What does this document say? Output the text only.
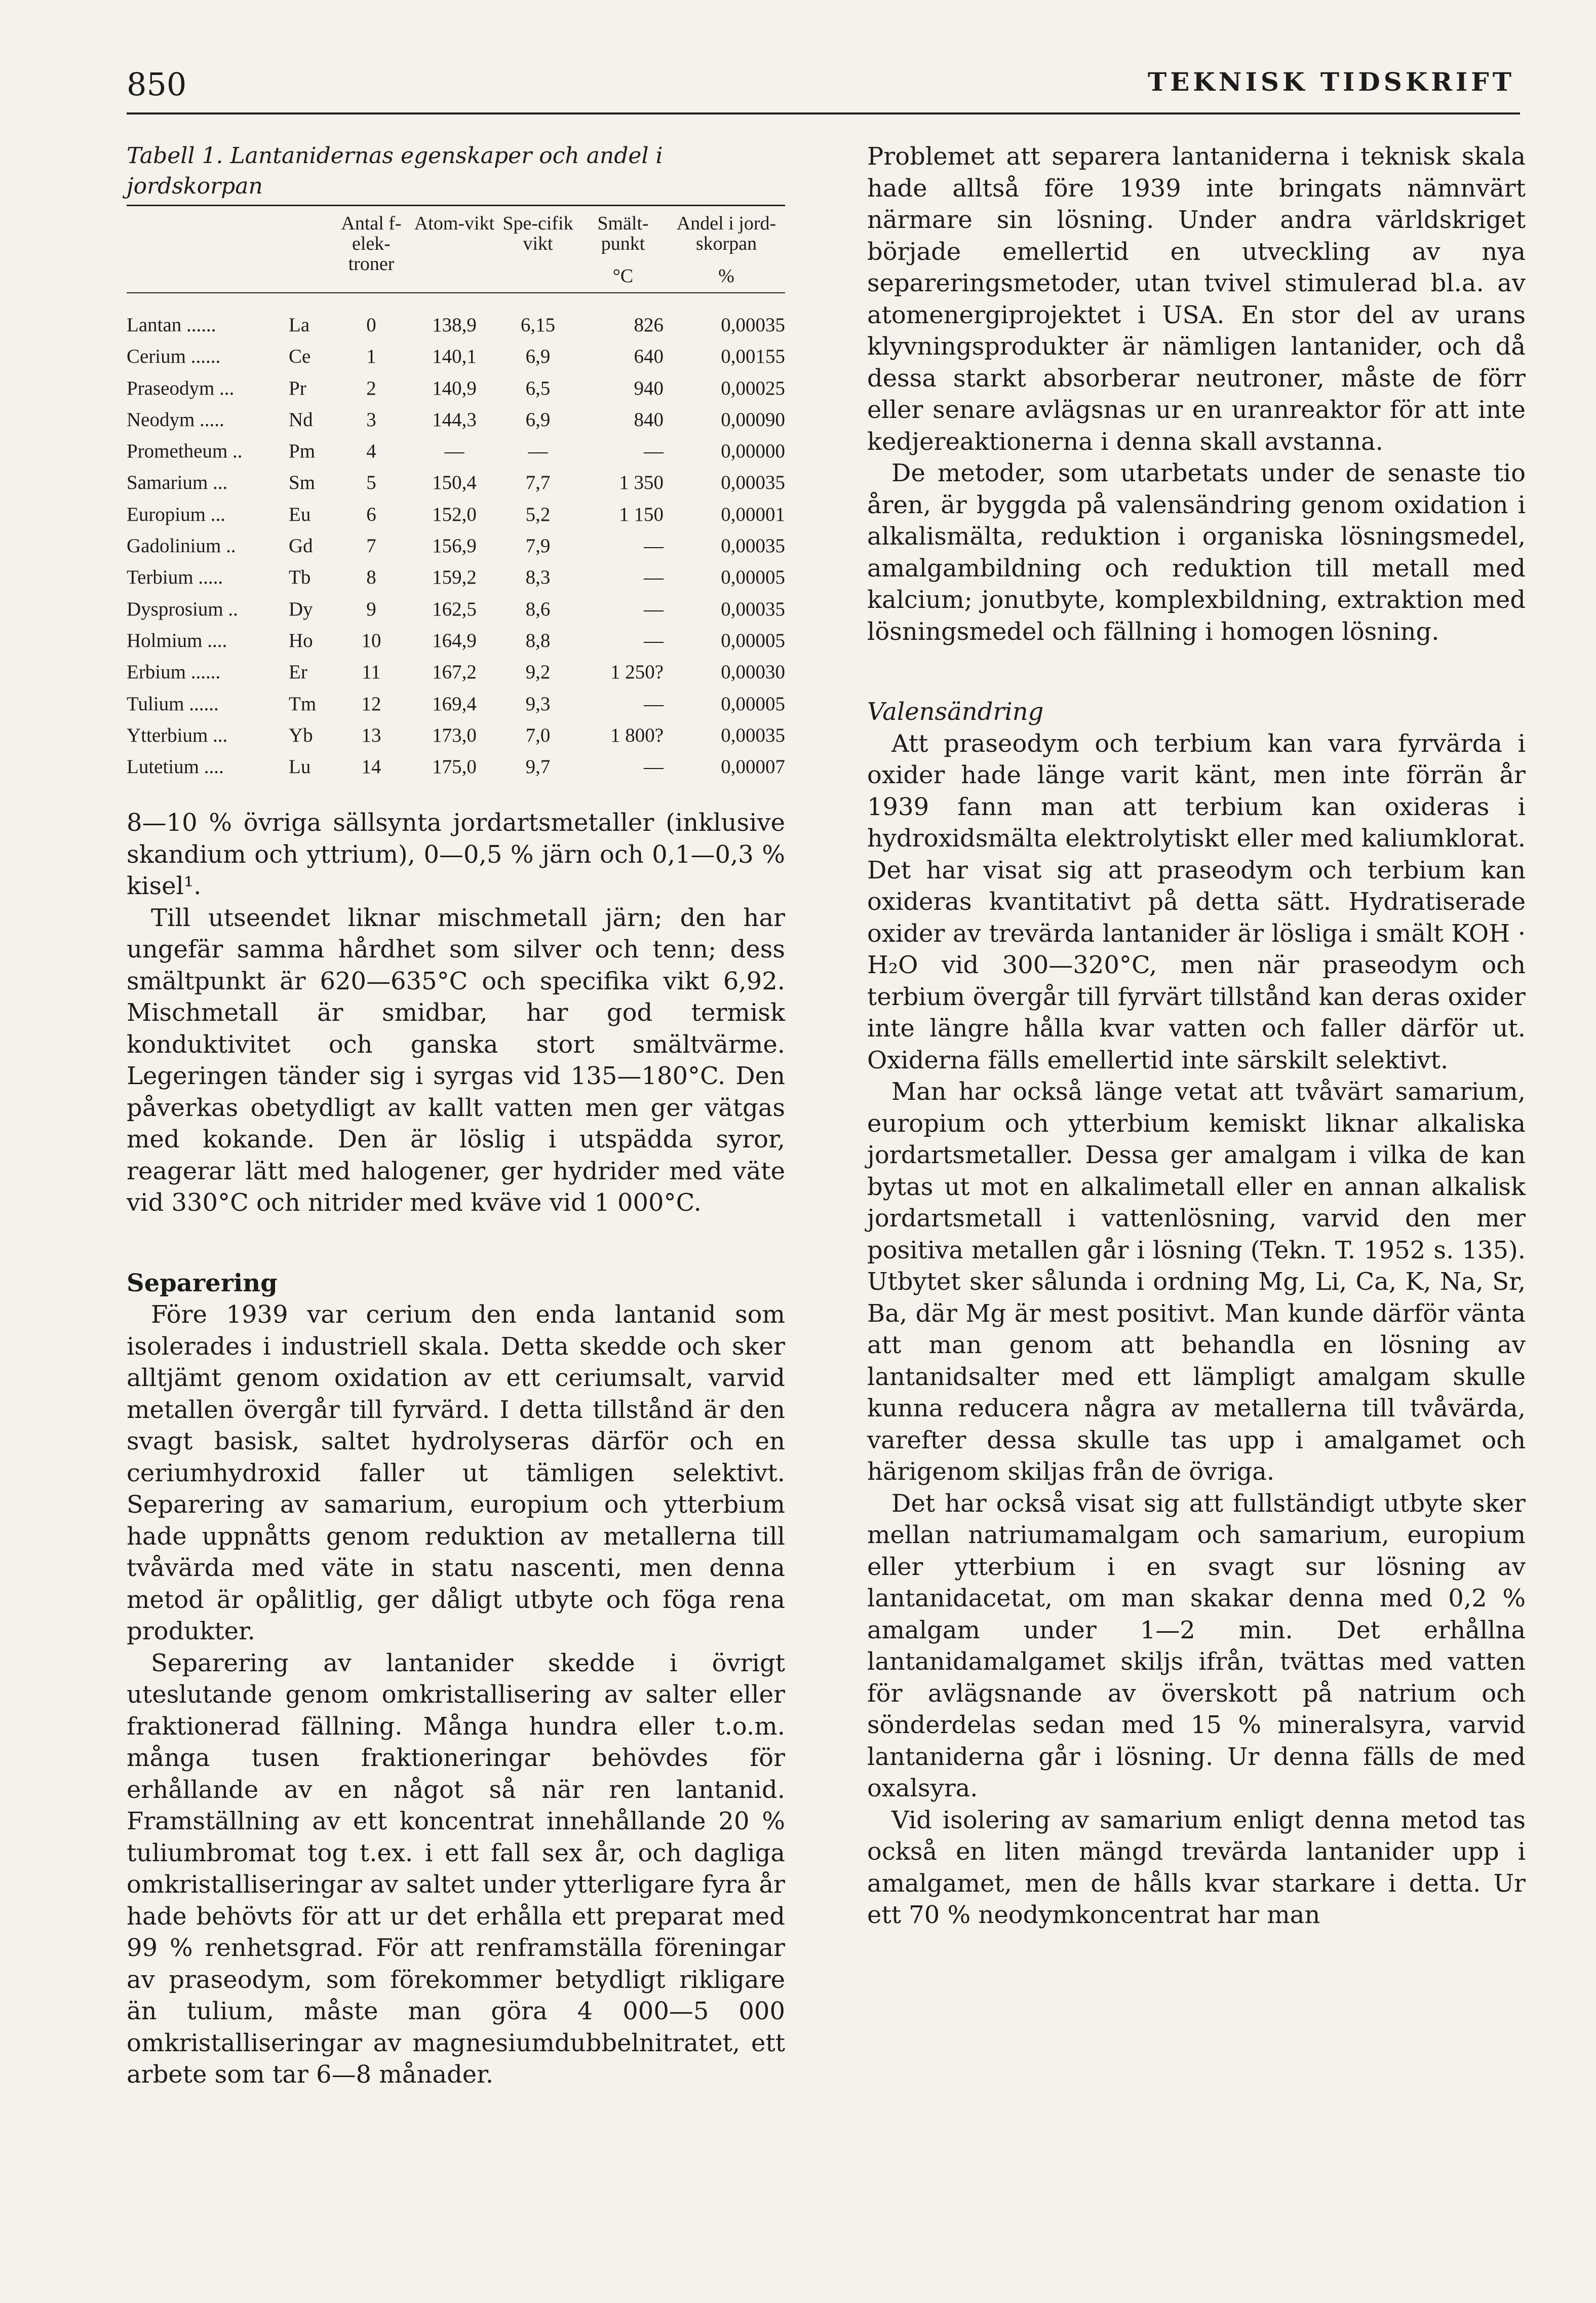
850	TEKNISK TIDSKRIFT

Tabell 1. Lantanidernas egenskaper och andel i jordskorpan

		Antal f-elek-troner	Atom-vikt	Spe-cifik vikt	Smält-punkt
°C	Andel i jord-skorpan
%

Lantan ......	La	0	138,9	6,15	826	0,00035
Cerium ......	Ce	1	140,1	6,9	640	0,00155
Praseodym ...	Pr	2	140,9	6,5	940	0,00025
Neodym .....	Nd	3	144,3	6,9	840	0,00090
Prometheum ..	Pm	4	—	—	—	0,00000
Samarium ...	Sm	5	150,4	7,7	1 350	0,00035
Europium ...	Eu	6	152,0	5,2	1 150	0,00001
Gadolinium ..	Gd	7	156,9	7,9	—	0,00035
Terbium .....	Tb	8	159,2	8,3	—	0,00005
Dysprosium ..	Dy	9	162,5	8,6	—	0,00035
Holmium ....	Ho	10	164,9	8,8	—	0,00005
Erbium ......	Er	11	167,2	9,2	1 250?	0,00030
Tulium ......	Tm	12	169,4	9,3	—	0,00005
Ytterbium ...	Yb	13	173,0	7,0	1 800?	0,00035
Lutetium ....	Lu	14	175,0	9,7	—	0,00007

8—10 % övriga sällsynta jordartsmetaller (inklusive skandium och yttrium), 0—0,5 % järn och 0,1—0,3 % kisel¹.

Till utseendet liknar mischmetall järn; den har ungefär samma hårdhet som silver och tenn; dess smältpunkt är 620—635°C och specifika vikt 6,92. Mischmetall är smidbar, har god termisk konduktivitet och ganska stort smältvärme. Legeringen tänder sig i syrgas vid 135—180°C. Den påverkas obetydligt av kallt vatten men ger vätgas med kokande. Den är löslig i utspädda syror, reagerar lätt med halogener, ger hydrider med väte vid 330°C och nitrider med kväve vid 1 000°C.

Separering

Före 1939 var cerium den enda lantanid som isolerades i industriell skala. Detta skedde och sker alltjämt genom oxidation av ett ceriumsalt, varvid metallen övergår till fyrvärd. I detta tillstånd är den svagt basisk, saltet hydrolyseras därför och en ceriumhydroxid faller ut tämligen selektivt. Separering av samarium, europium och ytterbium hade uppnåtts genom reduktion av metallerna till tvåvärda med väte in statu nascenti, men denna metod är opålitlig, ger dåligt utbyte och föga rena produkter.

Separering av lantanider skedde i övrigt uteslutande genom omkristallisering av salter eller fraktionerad fällning. Många hundra eller t.o.m. många tusen fraktioneringar behövdes för erhållande av en något så när ren lantanid. Framställning av ett koncentrat innehållande 20 % tuliumbromat tog t.ex. i ett fall sex år, och dagliga omkristalliseringar av saltet under ytterligare fyra år hade behövts för att ur det erhålla ett preparat med 99 % renhetsgrad. För att renframställa föreningar av praseodym, som förekommer betydligt rikligare än tulium, måste man göra 4 000—5 000 omkristalliseringar av magnesiumdubbelnitratet, ett arbete som tar 6—8 månader.

Problemet att separera lantaniderna i teknisk skala hade alltså före 1939 inte bringats nämnvärt närmare sin lösning. Under andra världskriget började emellertid en utveckling av nya separeringsmetoder, utan tvivel stimulerad bl.a. av atomenergiprojektet i USA. En stor del av urans klyvningsprodukter är nämligen lantanider, och då dessa starkt absorberar neutroner, måste de förr eller senare avlägsnas ur en uranreaktor för att inte kedjereaktionerna i denna skall avstanna.

De metoder, som utarbetats under de senaste tio åren, är byggda på valensändring genom oxidation i alkalismälta, reduktion i organiska lösningsmedel, amalgambildning och reduktion till metall med kalcium; jonutbyte, komplexbildning, extraktion med lösningsmedel och fällning i homogen lösning.

Valensändring

Att praseodym och terbium kan vara fyrvärda i oxider hade länge varit känt, men inte förrän år 1939 fann man att terbium kan oxideras i hydroxidsmälta elektrolytiskt eller med kaliumklorat. Det har visat sig att praseodym och terbium kan oxideras kvantitativt på detta sätt. Hydratiserade oxider av trevärda lantanider är lösliga i smält KOH · H₂O vid 300—320°C, men när praseodym och terbium övergår till fyrvärt tillstånd kan deras oxider inte längre hålla kvar vatten och faller därför ut. Oxiderna fälls emellertid inte särskilt selektivt.

Man har också länge vetat att tvåvärt samarium, europium och ytterbium kemiskt liknar alkaliska jordartsmetaller. Dessa ger amalgam i vilka de kan bytas ut mot en alkalimetall eller en annan alkalisk jordartsmetall i vattenlösning, varvid den mer positiva metallen går i lösning (Tekn. T. 1952 s. 135). Utbytet sker sålunda i ordning Mg, Li, Ca, K, Na, Sr, Ba, där Mg är mest positivt. Man kunde därför vänta att man genom att behandla en lösning av lantanidsalter med ett lämpligt amalgam skulle kunna reducera några av metallerna till tvåvärda, varefter dessa skulle tas upp i amalgamet och härigenom skiljas från de övriga.

Det har också visat sig att fullständigt utbyte sker mellan natriumamalgam och samarium, europium eller ytterbium i en svagt sur lösning av lantanidacetat, om man skakar denna med 0,2 % amalgam under 1—2 min. Det erhållna lantanidamalgamet skiljs ifrån, tvättas med vatten för avlägsnande av överskott på natrium och sönderdelas sedan med 15 % mineralsyra, varvid lantaniderna går i lösning. Ur denna fälls de med oxalsyra.

Vid isolering av samarium enligt denna metod tas också en liten mängd trevärda lantanider upp i amalgamet, men de hålls kvar starkare i detta. Ur ett 70 % neodymkoncentrat har man
